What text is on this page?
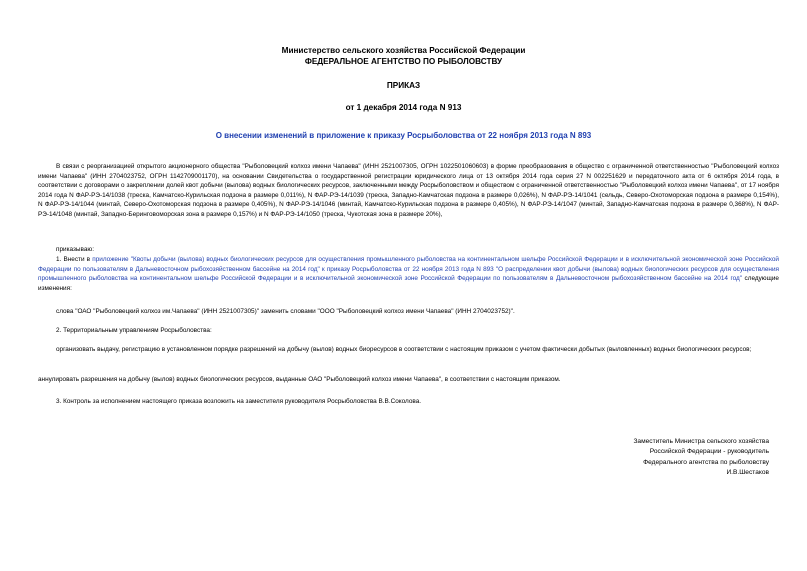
Министерство сельского хозяйства Российской Федерации
ФЕДЕРАЛЬНОЕ АГЕНТСТВО ПО РЫБОЛОВСТВУ
ПРИКАЗ
от 1 декабря 2014 года N 913
О внесении изменений в приложение к приказу Росрыболовства от 22 ноября 2013 года N 893
В связи с реорганизацией открытого акционерного общества "Рыболовецкий колхоз имени Чапаева" (ИНН 2521007305, ОГРН 1022501060603) в форме преобразования в общество с ограниченной ответственностью "Рыболовецкий колхоз имени Чапаева" (ИНН 2704023752, ОГРН 1142709001170), на основании Свидетельства о государственной регистрации юридического лица от 13 октября 2014 года серия 27 N 002251629 и передаточного акта от 6 октября 2014 года, в соответствии с договорами о закреплении долей квот добычи (вылова) водных биологических ресурсов, заключенными между Росрыболовством и обществом с ограниченной ответственностью "Рыболовецкий колхоз имени Чапаева", от 17 ноября 2014 года N ФАР-РЭ-14/1038 (треска, Камчатско-Курильская подзона в размере 0,011%), N ФАР-РЭ-14/1039 (треска, Западно-Камчатская подзона в размере 0,026%), N ФАР-РЭ-14/1041 (сельдь, Северо-Охотоморская подзона в размере 0,154%), N ФАР-РЭ-14/1044 (минтай, Северо-Охотоморская подзона в размере 0,405%), N ФАР-РЭ-14/1046 (минтай, Камчатско-Курильская подзона в размере 0,405%), N ФАР-РЭ-14/1047 (минтай, Западно-Камчатская подзона в размере 0,368%), N ФАР-РЭ-14/1048 (минтай, Западно-Беринговоморская зона в размере 0,157%) и N ФАР-РЭ-14/1050 (треска, Чукотская зона в размере 20%),
приказываю:
1. Внести в приложение "Квоты добычи (вылова) водных биологических ресурсов для осуществления промышленного рыболовства на континентальном шельфе Российской Федерации и в исключительной экономической зоне Российской Федерации по пользователям в Дальневосточном рыбохозяйственном бассейне на 2014 год" к приказу Росрыболовства от 22 ноября 2013 года N 893 "О распределении квот добычи (вылова) водных биологических ресурсов для осуществления промышленного рыболовства на континентальном шельфе Российской Федерации и в исключительной экономической зоне Российской Федерации по пользователям в Дальневосточном рыбохозяйственном бассейне на 2014 год" следующие изменения:
слова "ОАО "Рыболовецкий колхоз им.Чапаева" (ИНН 2521007305)" заменить словами "ООО "Рыболовецкий колхоз имени Чапаева" (ИНН 2704023752)".
2. Территориальным управлениям Росрыболовства:
организовать выдачу, регистрацию в установленном порядке разрешений на добычу (вылов) водных биоресурсов в соответствии с настоящим приказом с учетом фактически добытых (выловленных) водных биологических ресурсов;
аннулировать разрешения на добычу (вылов) водных биологических ресурсов, выданные ОАО "Рыболовецкий колхоз имени Чапаева", в соответствии с настоящим приказом.
3. Контроль за исполнением настоящего приказа возложить на заместителя руководителя Росрыболовства В.В.Соколова.
Заместитель Министра сельского хозяйства
Российской Федерации - руководитель
Федерального агентства по рыболовству
И.В.Шестаков
